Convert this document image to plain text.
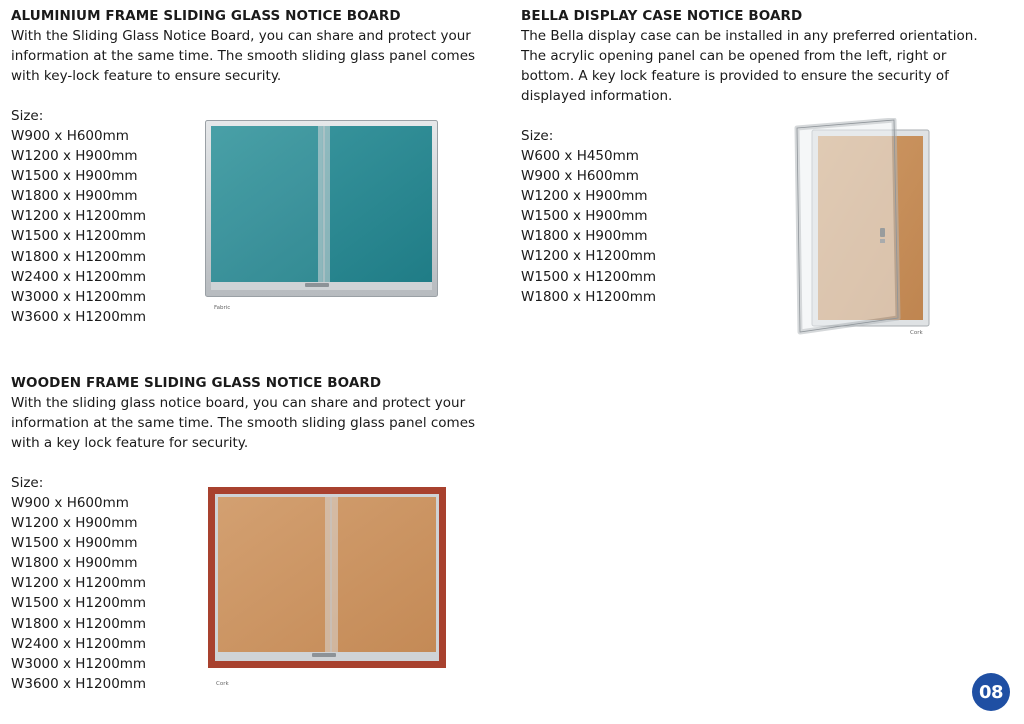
ALUMINIUM FRAME SLIDING GLASS NOTICE BOARD

With the Sliding Glass Notice Board, you can share and protect your

information at the same time. The smooth sliding glass panel comes

with key-lock feature to ensure security.

Size:
W900 x H600mm
W1200 x H900mm
W1500 x H900mm
W1800 x H900mm
W1200 x H1200mm
W1500 x H1200mm
W1800 x H1200mm
W2400 x H1200mm
W3000 x H1200mm
W3600 x H1200mm
Fabric
BELLA DISPLAY CASE NOTICE BOARD

The Bella display case can be installed in any preferred orientation.

The acrylic opening panel can be opened from the left, right or

bottom. A key lock feature is provided to ensure the security of

displayed information.

Size:
W600 x H450mm
W900 x H600mm
W1200 x H900mm
W1500 x H900mm
W1800 x H900mm
W1200 x H1200mm
W1500 x H1200mm
W1800 x H1200mm
Cork
WOODEN FRAME SLIDING GLASS NOTICE BOARD

With the sliding glass notice board, you can share and protect your

information at the same time. The smooth sliding glass panel comes

with a key lock feature for security.

Size:
W900 x H600mm
W1200 x H900mm
W1500 x H900mm
W1800 x H900mm
W1200 x H1200mm
W1500 x H1200mm
W1800 x H1200mm
W2400 x H1200mm
W3000 x H1200mm
W3600 x H1200mm	Cork	08
